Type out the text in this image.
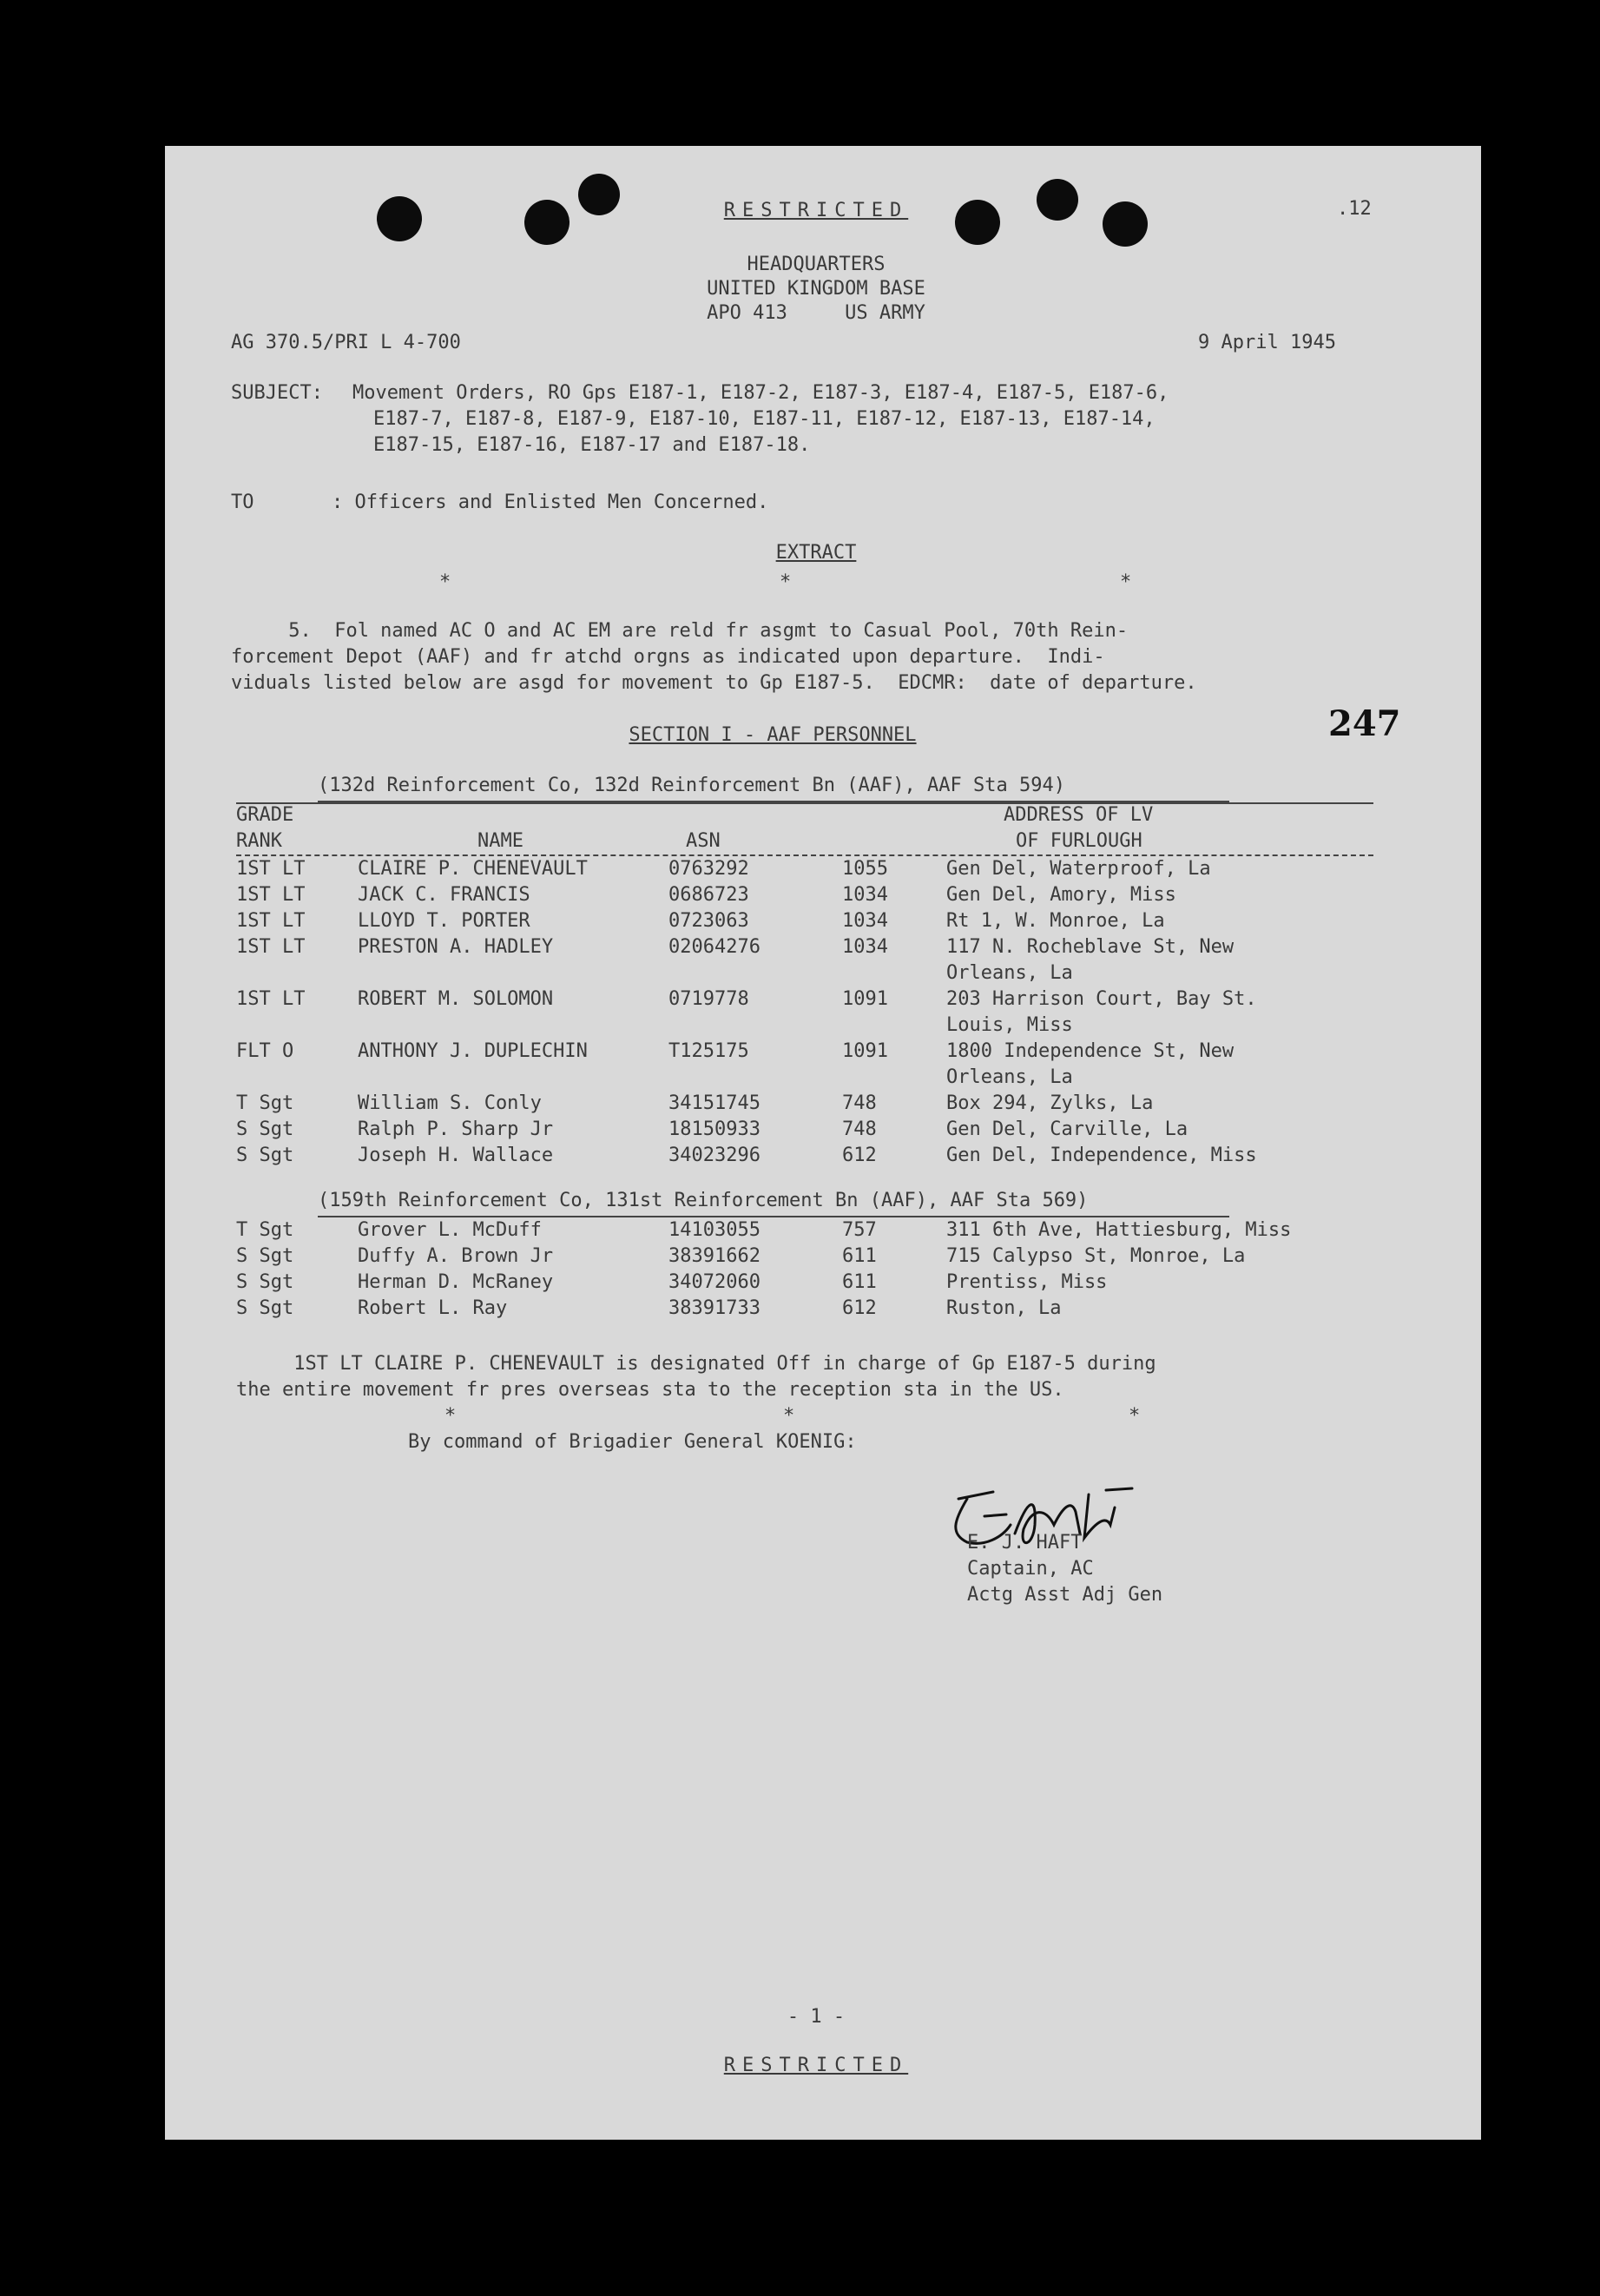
RESTRICTED	.12
HEADQUARTERS
UNITED KINGDOM BASE
APO 413     US ARMY
AG 370.5/PRI L 4-700	9 April 1945
SUBJECT: Movement Orders, RO Gps E187-1, E187-2, E187-3, E187-4, E187-5, E187-6,
E187-7, E187-8, E187-9, E187-10, E187-11, E187-12, E187-13, E187-14,
E187-15, E187-16, E187-17 and E187-18.
TO	: Officers and Enlisted Men Concerned.
EXTRACT
*	*	*
5.  Fol named AC O and AC EM are reld fr asgmt to Casual Pool, 70th Rein-
forcement Depot (AAF) and fr atchd orgns as indicated upon departure.  Indi-
viduals listed below are asgd for movement to Gp E187-5.  EDCMR:  date of departure.
247
SECTION I - AAF PERSONNEL
(132d Reinforcement Co, 132d Reinforcement Bn (AAF), AAF Sta 594)
GRADE
RANK	NAME	ASN
ADDRESS OF LV
OF FURLOUGH
1ST LT	CLAIRE P. CHENEVAULT	0763292	1055	Gen Del, Waterproof, La
1ST LT	JACK C. FRANCIS	0686723	1034	Gen Del, Amory, Miss
1ST LT	LLOYD T. PORTER	0723063	1034	Rt 1, W. Monroe, La
1ST LT	PRESTON A. HADLEY	02064276	1034	117 N. Rocheblave St, New
Orleans, La
1ST LT	ROBERT M. SOLOMON	0719778	1091	203 Harrison Court, Bay St.
Louis, Miss
FLT O	ANTHONY J. DUPLECHIN	T125175	1091	1800 Independence St, New
Orleans, La
T Sgt	William S. Conly	34151745	748	Box 294, Zylks, La
S Sgt	Ralph P. Sharp Jr	18150933	748	Gen Del, Carville, La
S Sgt	Joseph H. Wallace	34023296	612	Gen Del, Independence, Miss
(159th Reinforcement Co, 131st Reinforcement Bn (AAF), AAF Sta 569)
T Sgt	Grover L. McDuff	14103055	757	311 6th Ave, Hattiesburg, Miss
S Sgt	Duffy A. Brown Jr	38391662	611	715 Calypso St, Monroe, La
S Sgt	Herman D. McRaney	34072060	611	Prentiss, Miss
S Sgt	Robert L. Ray	38391733	612	Ruston, La
1ST LT CLAIRE P. CHENEVAULT is designated Off in charge of Gp E187-5 during
the entire movement fr pres overseas sta to the reception sta in the US.
*	*	*
By command of Brigadier General KOENIG:
E. J. HAFT
Captain, AC
Actg Asst Adj Gen
- 1 -
RESTRICTED
